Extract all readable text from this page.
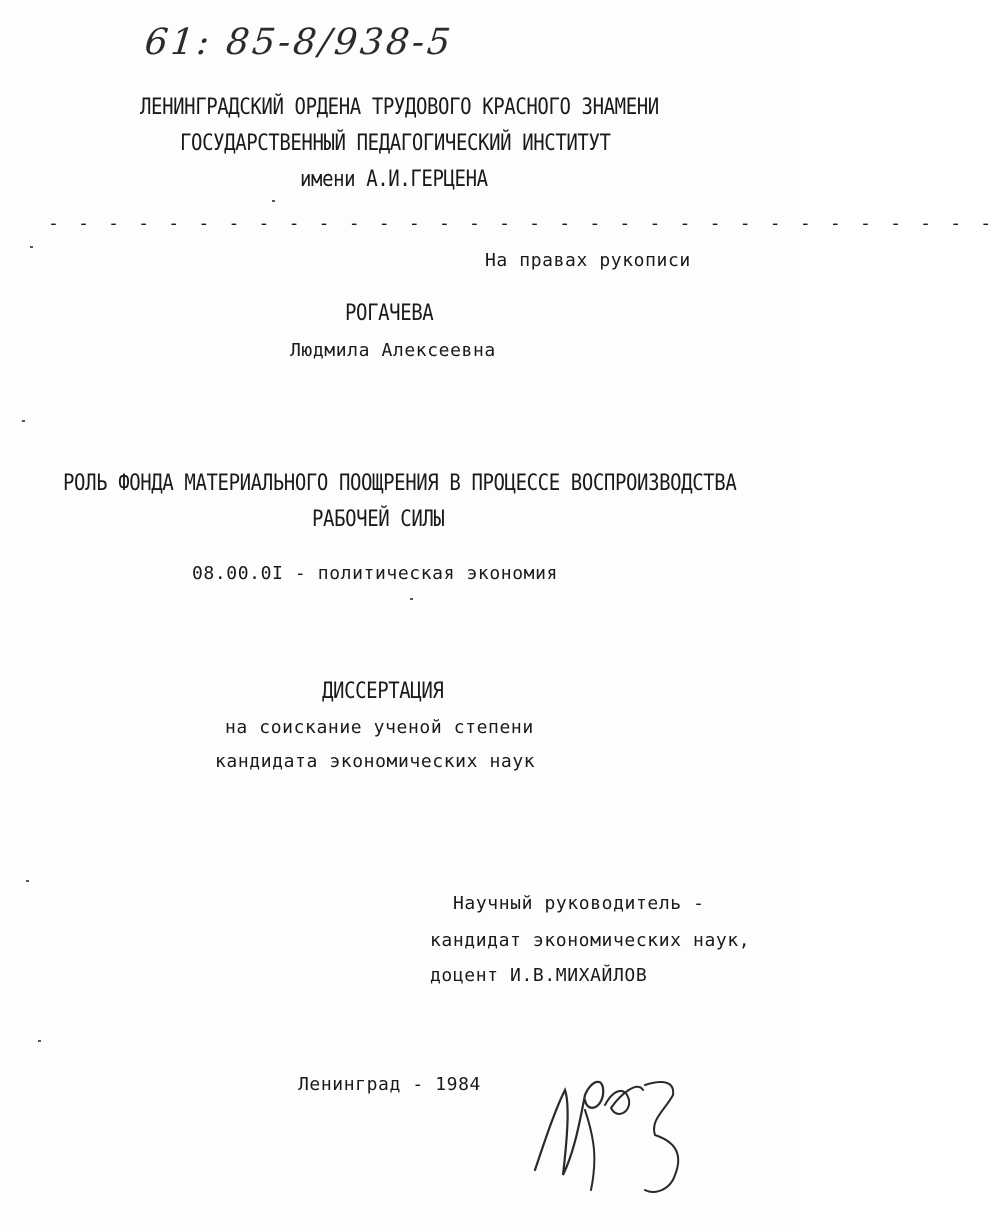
61: 85-8/938-5
ЛЕНИНГРАДСКИЙ ОРДЕНА ТРУДОВОГО КРАСНОГО ЗНАМЕНИ
ГОСУДАРСТВЕННЫЙ ПЕДАГОГИЧЕСКИЙ ИНСТИТУТ
имени А.И.ГЕРЦЕНА
- - - - - - - - - - - - - - - - - - - - - - - - - - - - - - - -
На правах рукописи
РОГАЧЕВА
Людмила Алексеевна
РОЛЬ ФОНДА МАТЕРИАЛЬНОГО ПООЩРЕНИЯ В ПРОЦЕССЕ ВОСПРОИЗВОДСТВА
РАБОЧЕЙ СИЛЫ
08.00.0I - политическая экономия
ДИССЕРТАЦИЯ
на соискание ученой степени
кандидата экономических наук
Научный руководитель -
кандидат экономических наук,
доцент И.В.МИХАЙЛОВ
Ленинград - 1984
